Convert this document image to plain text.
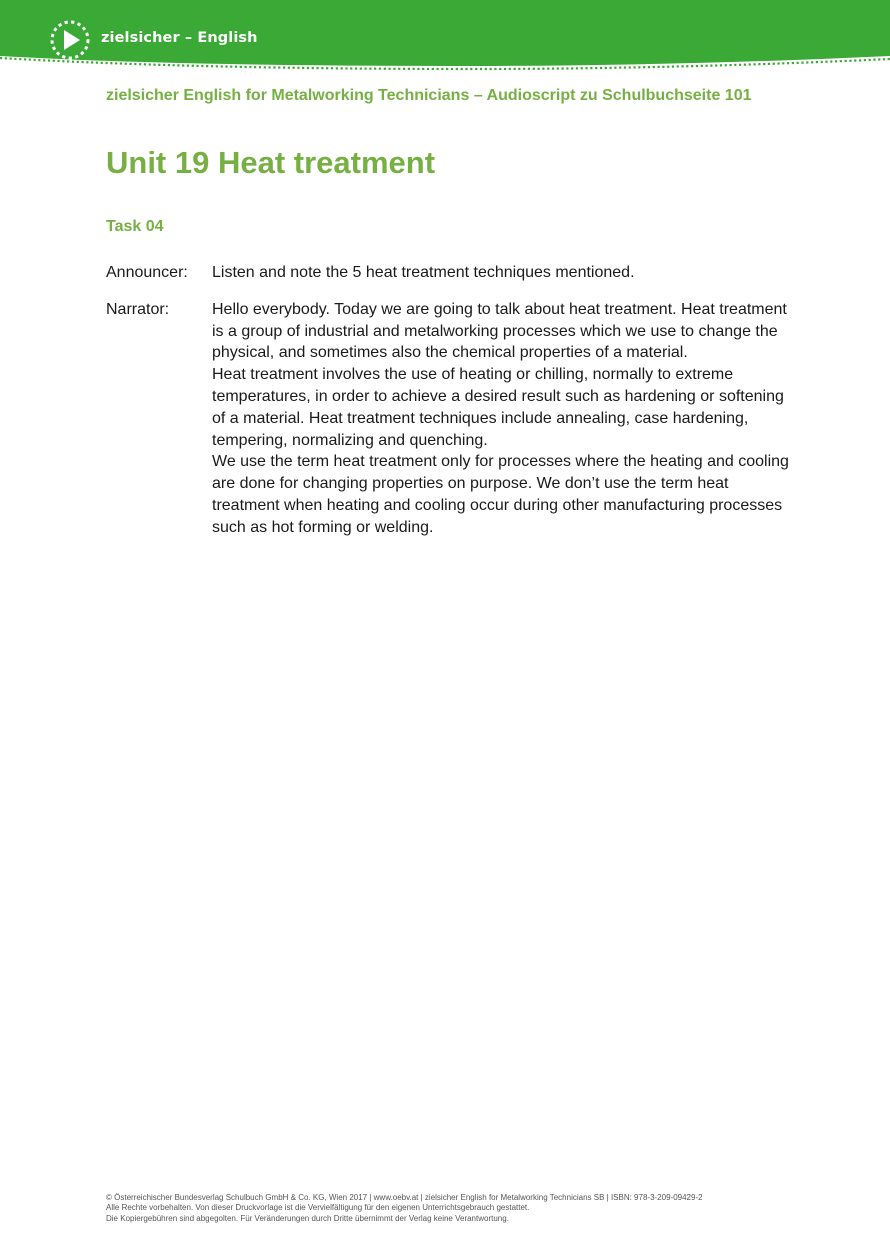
zielsicher – English
zielsicher English for Metalworking Technicians – Audioscript zu Schulbuchseite 101
Unit 19 Heat treatment
Task 04
Announcer:	Listen and note the 5 heat treatment techniques mentioned.

Narrator:	Hello everybody. Today we are going to talk about heat treatment. Heat treatment is a group of industrial and metalworking processes which we use to change the physical, and sometimes also the chemical properties of a material.

Heat treatment involves the use of heating or chilling, normally to extreme temperatures, in order to achieve a desired result such as hardening or softening of a material. Heat treatment techniques include annealing, case hardening, tempering, normalizing and quenching.

We use the term heat treatment only for processes where the heating and cooling are done for changing properties on purpose. We don’t use the term heat treatment when heating and cooling occur during other manufacturing processes such as hot forming or welding.

© Österreichischer Bundesverlag Schulbuch GmbH & Co. KG, Wien 2017 | www.oebv.at | zielsicher English for Metalworking Technicians SB | ISBN: 978-3-209-09429-2

Alle Rechte vorbehalten. Von dieser Druckvorlage ist die Vervielfältigung für den eigenen Unterrichtsgebrauch gestattet.

Die Kopiergebühren sind abgegolten. Für Veränderungen durch Dritte übernimmt der Verlag keine Verantwortung.
